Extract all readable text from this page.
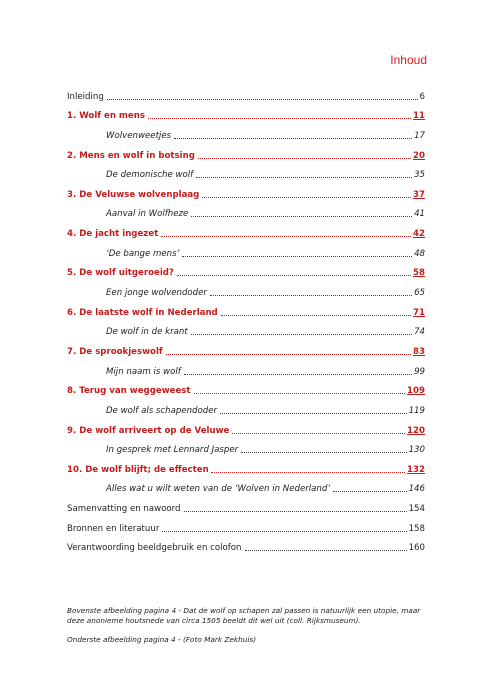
Inhoud
Inleiding	6
1. Wolf en mens	11
Wolvenweetjes	17
2. Mens en wolf in botsing	20
De demonische wolf	35
3. De Veluwse wolvenplaag	37
Aanval in Wolfheze	41
4. De jacht ingezet	42
‘De bange mens’	48
5. De wolf uitgeroeid?	58
Een jonge wolvendoder	65
6. De laatste wolf in Nederland	71
De wolf in de krant	74
7. De sprookjeswolf	83
Mijn naam is wolf	99
8. Terug van weggeweest	109
De wolf als schapendoder	119
9. De wolf arriveert op de Veluwe	120
In gesprek met Lennard Jasper	130
10. De wolf blijft; de effecten	132
Alles wat u wilt weten van de ‘Wolven in Nederland’	146
Samenvatting en nawoord	154
Bronnen en literatuur	158
Verantwoording beeldgebruik en colofon	160

Bovenste afbeelding pagina 4 - Dat de wolf op schapen zal passen is natuurlijk een utopie, maar deze anonieme houtsnede van circa 1505 beeldt dit wel uit (coll. Rijksmuseum).

Onderste afbeelding pagina 4 - (Foto Mark Zekhuis)
